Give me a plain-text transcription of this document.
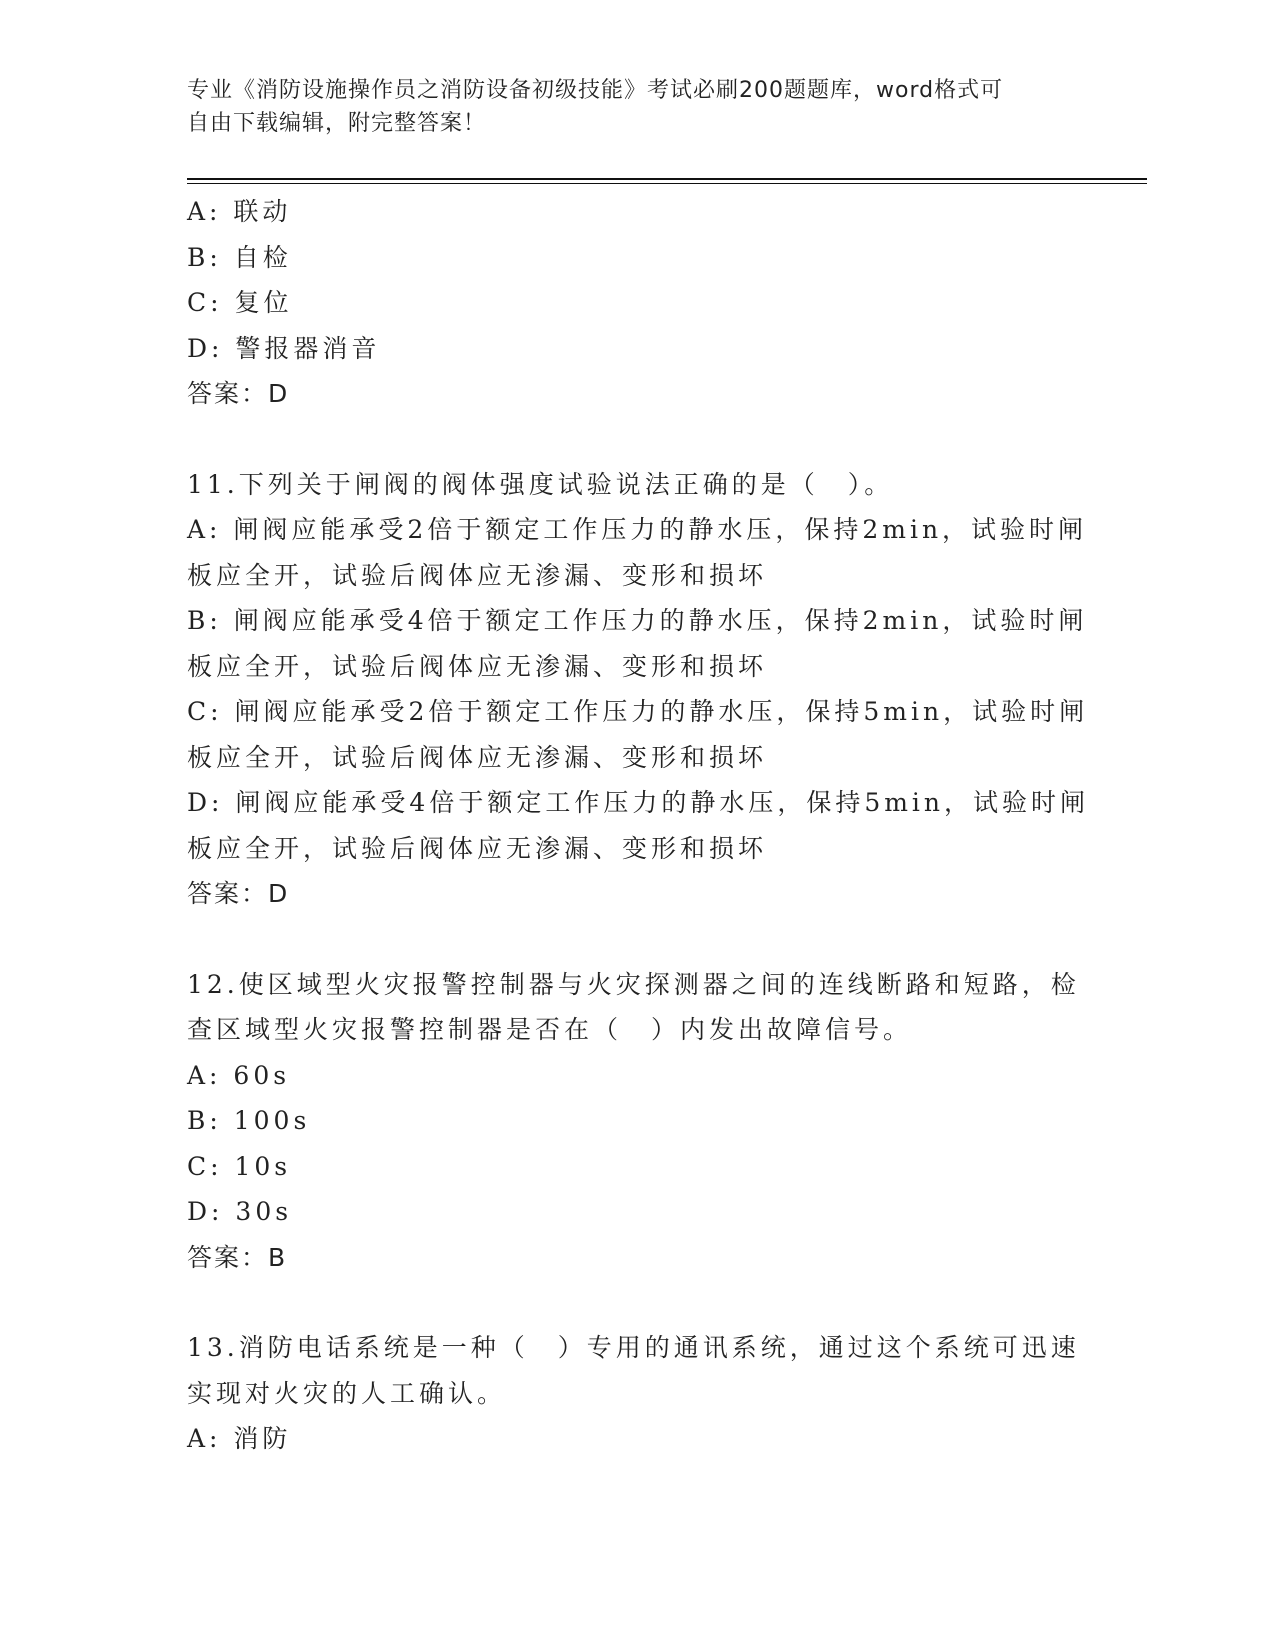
专业《消防设施操作员之消防设备初级技能》考试必刷200题题库，word格式可
自由下载编辑，附完整答案！
A: 联动
B: 自检
C: 复位
D: 警报器消音
答案：D
11.下列关于闸阀的阀体强度试验说法正确的是（　）。
A: 闸阀应能承受2倍于额定工作压力的静水压，保持2min，试验时闸
板应全开，试验后阀体应无渗漏、变形和损坏
B: 闸阀应能承受4倍于额定工作压力的静水压，保持2min，试验时闸
板应全开，试验后阀体应无渗漏、变形和损坏
C: 闸阀应能承受2倍于额定工作压力的静水压，保持5min，试验时闸
板应全开，试验后阀体应无渗漏、变形和损坏
D: 闸阀应能承受4倍于额定工作压力的静水压，保持5min，试验时闸
板应全开，试验后阀体应无渗漏、变形和损坏
答案：D
12.使区域型火灾报警控制器与火灾探测器之间的连线断路和短路，检
查区域型火灾报警控制器是否在（　）内发出故障信号。
A: 60s
B: 100s
C: 10s
D: 30s
答案：B
13.消防电话系统是一种（　）专用的通讯系统，通过这个系统可迅速
实现对火灾的人工确认。
A: 消防
